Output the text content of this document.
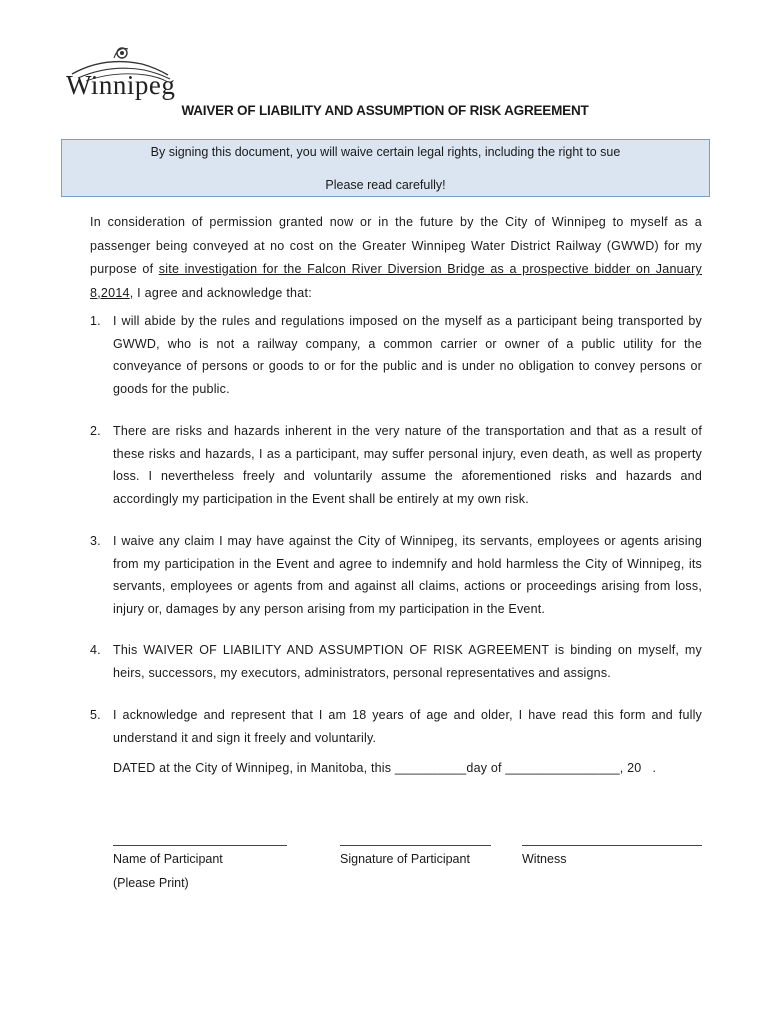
Winnipeg
WAIVER OF LIABILITY AND ASSUMPTION OF RISK AGREEMENT
By signing this document, you will waive certain legal rights, including the right to sue
Please read carefully!
In consideration of permission granted now or in the future by the City of Winnipeg to myself as a passenger being conveyed at no cost on the Greater Winnipeg Water District Railway (GWWD) for my purpose of site investigation for the Falcon River Diversion Bridge as a prospective bidder on January 8,2014, I agree and acknowledge that:
1. I will abide by the rules and regulations imposed on the myself as a participant being transported by GWWD, who is not a railway company, a common carrier or owner of a public utility for the conveyance of persons or goods to or for the public and is under no obligation to convey persons or goods for the public.
2. There are risks and hazards inherent in the very nature of the transportation and that as a result of these risks and hazards, I as a participant, may suffer personal injury, even death, as well as property loss. I nevertheless freely and voluntarily assume the aforementioned risks and hazards and accordingly my participation in the Event shall be entirely at my own risk.
3. I waive any claim I may have against the City of Winnipeg, its servants, employees or agents arising from my participation in the Event and agree to indemnify and hold harmless the City of Winnipeg, its servants, employees or agents from and against all claims, actions or proceedings arising from loss, injury or, damages by any person arising from my participation in the Event.
4. This WAIVER OF LIABILITY AND ASSUMPTION OF RISK AGREEMENT is binding on myself, my heirs, successors, my executors, administrators, personal representatives and assigns.
5. I acknowledge and represent that I am 18 years of age and older, I have read this form and fully understand it and sign it freely and voluntarily.
DATED at the City of Winnipeg, in Manitoba, this __________day of ________________, 20   .
Name of Participant	Signature of Participant	Witness
(Please Print)
